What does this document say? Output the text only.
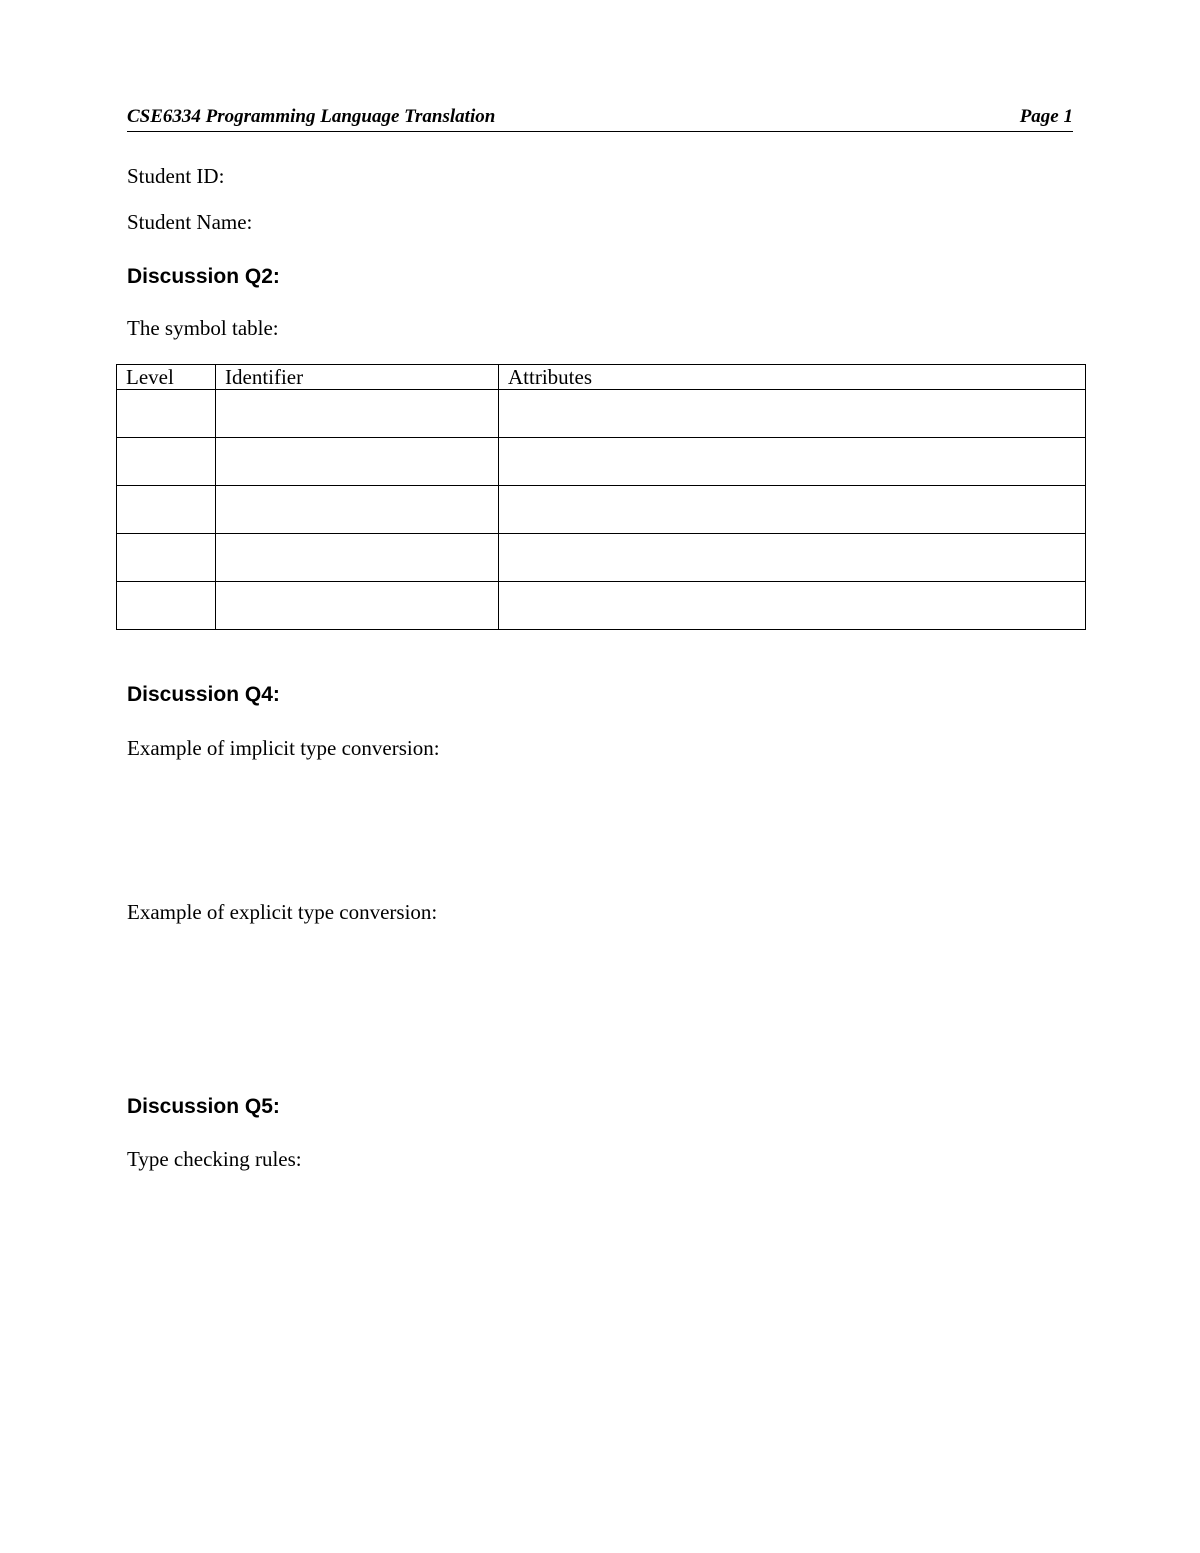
CSE6334 Programming Language Translation	Page 1
Student ID:
Student Name:
Discussion Q2:
The symbol table:
Level	Identifier	Attributes

Discussion Q4:
Example of implicit type conversion:
Example of explicit type conversion:
Discussion Q5:
Type checking rules:
